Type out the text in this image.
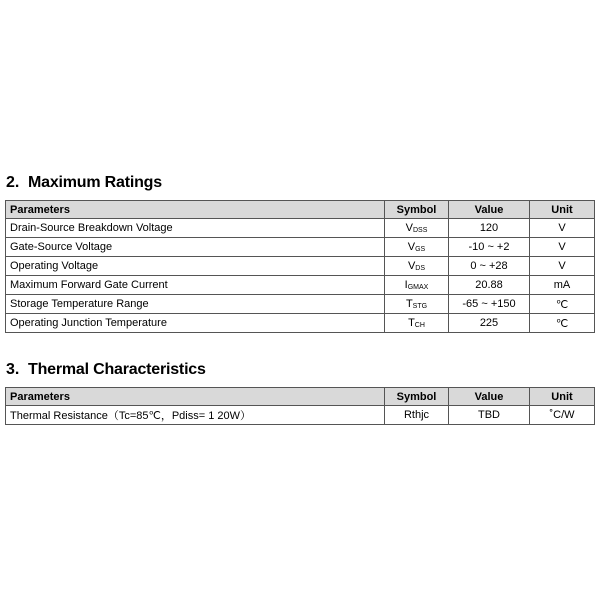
2. Maximum Ratings
Parameters	Symbol	Value	Unit
Drain-Source Breakdown Voltage	VDSS	120	V
Gate-Source Voltage	VGS	-10 ~ +2	V
Operating Voltage	VDS	0 ~ +28	V
Maximum Forward Gate Current	IGMAX	20.88	mA
Storage Temperature Range	TSTG	-65 ~ +150	℃
Operating Junction Temperature	TCH	225	℃
3. Thermal Characteristics
Parameters	Symbol	Value	Unit
Thermal Resistance（Tc=85℃，Pdiss= 1 20W）	Rthjc	TBD	˚C/W
